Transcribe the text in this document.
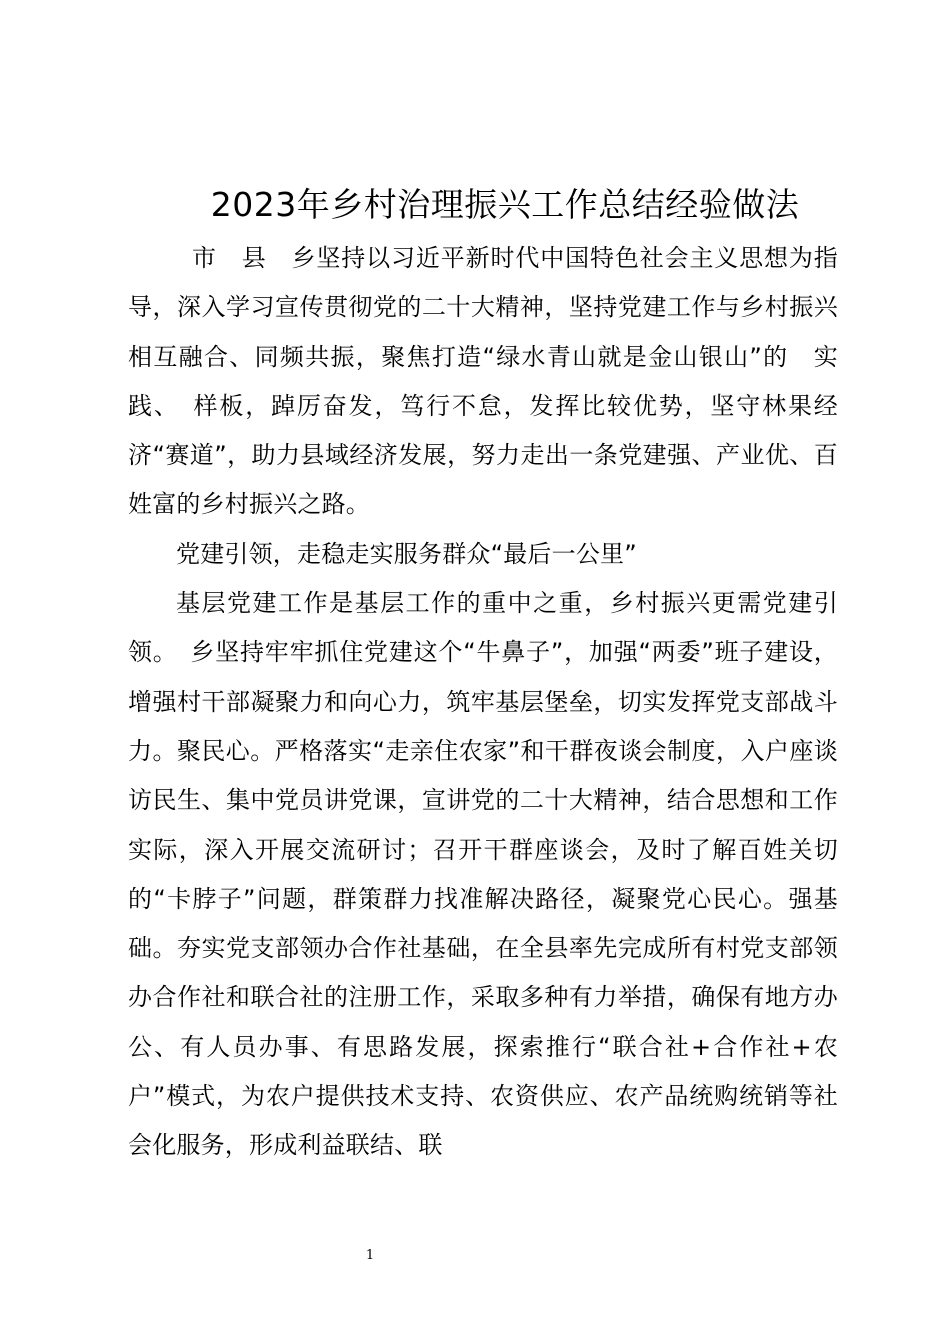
2023年乡村治理振兴工作总结经验做法

市　县　乡坚持以习近平新时代中国特色社会主义思想为指导，深入学习宣传贯彻党的二十大精神，坚持党建工作与乡村振兴相互融合、同频共振，聚焦打造“绿水青山就是金山银山”的　实践、　样板，踔厉奋发，笃行不怠，发挥比较优势，坚守林果经济“赛道”，助力县域经济发展，努力走出一条党建强、产业优、百姓富的乡村振兴之路。

党建引领，走稳走实服务群众“最后一公里”

基层党建工作是基层工作的重中之重，乡村振兴更需党建引领。　乡坚持牢牢抓住党建这个“牛鼻子”，加强“两委”班子建设，增强村干部凝聚力和向心力，筑牢基层堡垒，切实发挥党支部战斗力。聚民心。严格落实“走亲住农家”和干群夜谈会制度，入户座谈访民生、集中党员讲党课，宣讲党的二十大精神，结合思想和工作实际，深入开展交流研讨；召开干群座谈会，及时了解百姓关切的“卡脖子”问题，群策群力找准解决路径，凝聚党心民心。强基础。夯实党支部领办合作社基础，在全县率先完成所有村党支部领办合作社和联合社的注册工作，采取多种有力举措，确保有地方办公、有人员办事、有思路发展，探索推行“联合社+合作社+农户”模式，为农户提供技术支持、农资供应、农产品统购统销等社会化服务，形成利益联结、联

1
